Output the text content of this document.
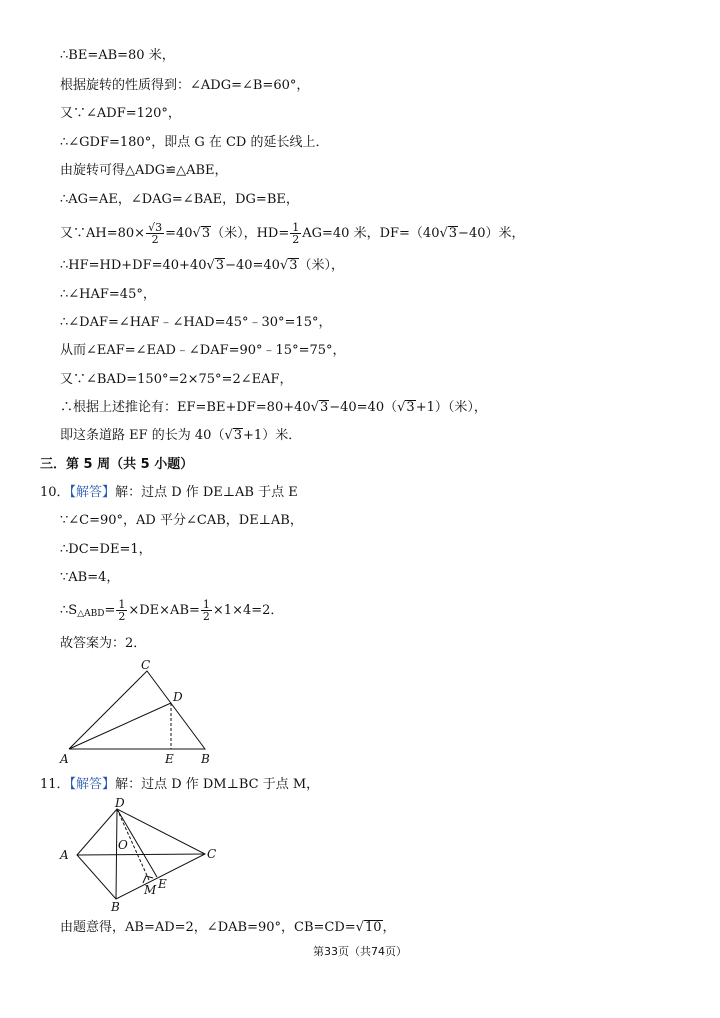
∴BE=AB=80 米，
根据旋转的性质得到：∠ADG=∠B=60°，
又∵∠ADF=120°，
∴∠GDF=180°，即点 G 在 CD 的延长线上．
由旋转可得△ADG≌△ABE，
∴AG=AE，∠DAG=∠BAE，DG=BE，
又∵AH=80× $\frac{√3}{2} =40√3$（米），$HD= \frac{1}{2} AG=40$ 米，DF=（40√3−40）米，
∴HF=HD+DF=40+40√3−40=40√3（米），
∴∠HAF=45°，
∴∠DAF=∠HAF﹣∠HAD=45°﹣30°=15°，
从而∠EAF=∠EAD﹣∠DAF=90°﹣15°=75°，
又∵∠BAD=150°=2×75°=2∠EAF，
∴根据上述推论有：EF=BE+DF=80+40√3−40=40（√3+1）（米），
即这条道路 EF 的长为 40（√3+1）米．
三．第 5 周（共 5 小题）
10．【解答】解：过点 D 作 DE⊥AB 于点 E
∵∠C=90°，AD 平分∠CAB，DE⊥AB，
∴DC=DE=1，
∵AB=4，
$\therefore S_{\triangle ABD}= \frac{1}{2} \times DE\times AB= \frac{1}{2} \times 1\times 4=2$．
故答案为：2．
C
D
A	E B
11．【解答】解：过点 D 作 DM⊥BC 于点 M，
D
A
O
C
M E
B
由题意得，AB=AD=2，∠DAB=90°，CB=CD=√10，
第33页（共74页）
